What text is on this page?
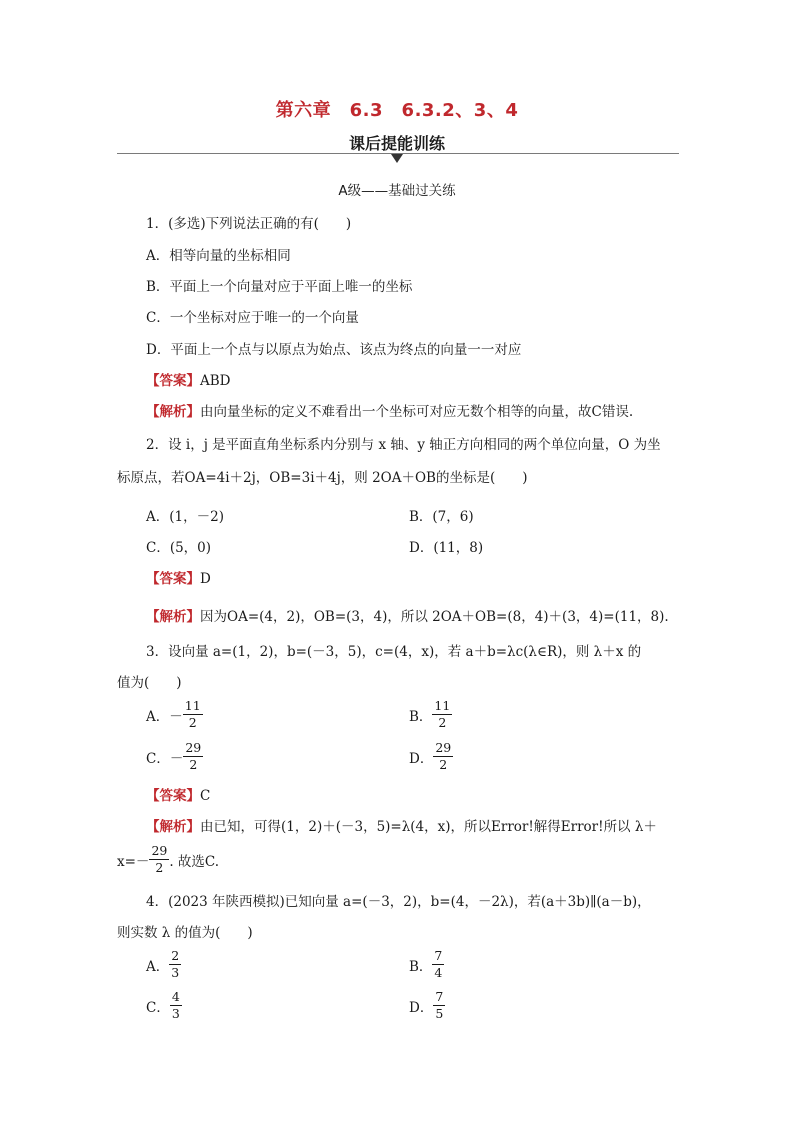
第六章　6.3　6.3.2、3、4
课后提能训练
A级——基础过关练
1．(多选)下列说法正确的有(　　)
A．相等向量的坐标相同
B．平面上一个向量对应于平面上唯一的坐标
C．一个坐标对应于唯一的一个向量
D．平面上一个点与以原点为始点、该点为终点的向量一一对应
【答案】ABD
【解析】由向量坐标的定义不难看出一个坐标可对应无数个相等的向量，故C错误.
2．设 i，j 是平面直角坐标系内分别与 x 轴、y 轴正方向相同的两个单位向量，O 为坐
标原点，若OA=4i＋2j，OB=3i＋4j，则 2OA＋OB的坐标是(　　)
A．(1，－2)	B．(7，6)
C．(5，0)	D．(11，8)
【答案】D
【解析】因为OA=(4，2)，OB=(3，4)，所以 2OA＋OB=(8，4)＋(3，4)=(11，8).
3．设向量 a=(1，2)，b=(－3，5)，c=(4，x)，若 a＋b=λc(λ∈R)，则 λ＋x 的
值为(　　)
A．－ $\frac{11}{2}$	B． $\frac{11}{2}$
C．－ $\frac{29}{2}$	D． $\frac{29}{2}$
【答案】C
【解析】由已知，可得(1，2)＋(－3，5)=λ(4，x)，所以Error!解得Error!所以 λ＋
$x=- \frac{29}{2}$ . 故选C.
4．(2023 年陕西模拟)已知向量 a=(－3，2)，b=(4，－2λ)，若(a＋3b)∥(a－b)，
则实数 λ 的值为(　　)
A． $\frac{2}{3}$	B． $\frac{7}{4}$
C． $\frac{4}{3}$	D． $\frac{7}{5}$
